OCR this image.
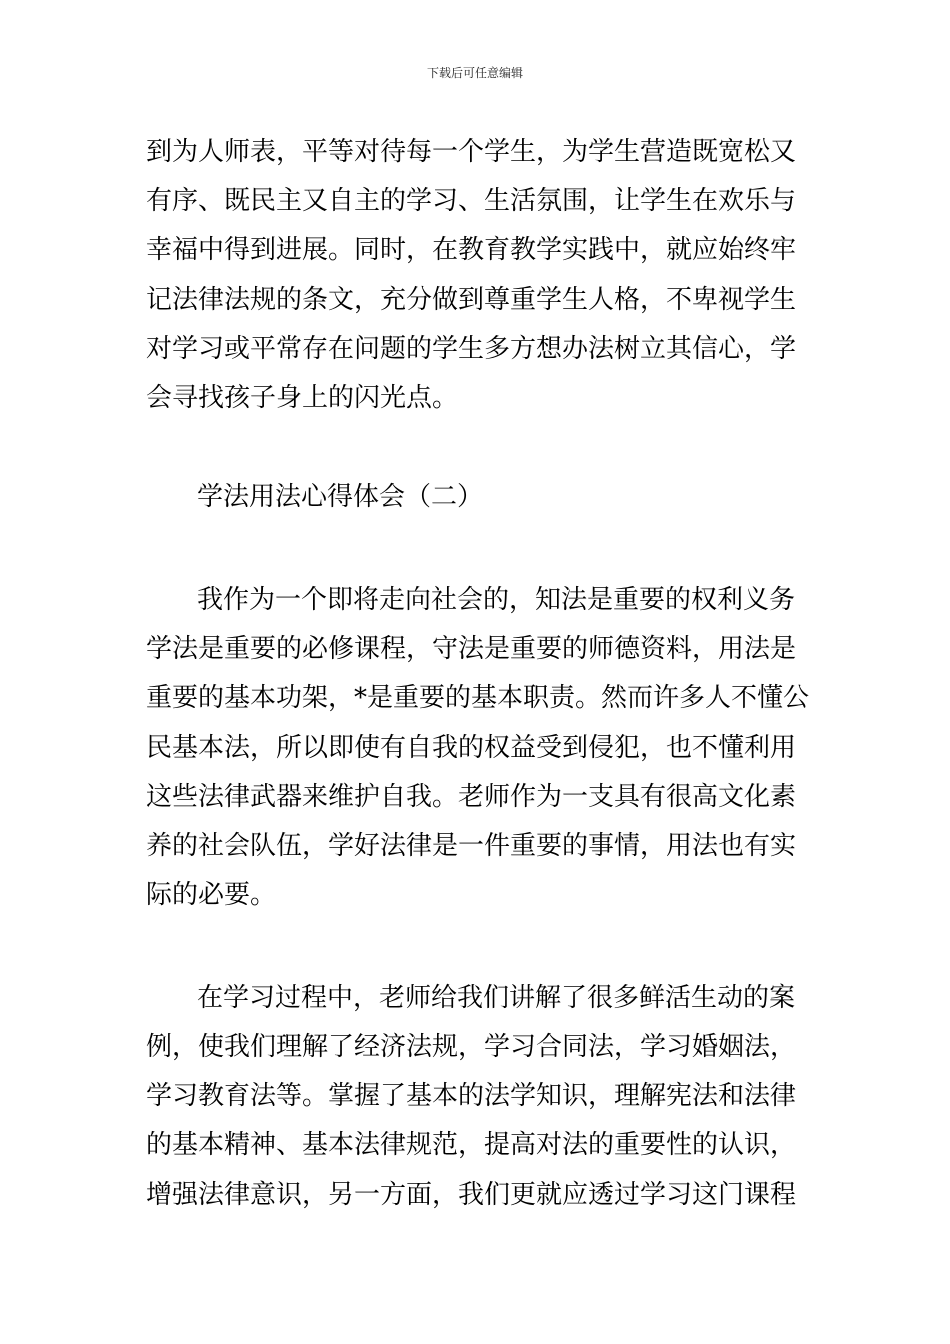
下载后可任意编辑
到为人师表，平等对待每一个学生，为学生营造既宽松又
有序、既民主又自主的学习、生活氛围，让学生在欢乐与
幸福中得到进展。同时，在教育教学实践中，就应始终牢
记法律法规的条文，充分做到尊重学生人格，不卑视学生
对学习或平常存在问题的学生多方想办法树立其信心，学
会寻找孩子身上的闪光点。
学法用法心得体会（二）
我作为一个即将走向社会的，知法是重要的权利义务
学法是重要的必修课程，守法是重要的师德资料，用法是
重要的基本功架，*是重要的基本职责。然而许多人不懂公
民基本法，所以即使有自我的权益受到侵犯，也不懂利用
这些法律武器来维护自我。老师作为一支具有很高文化素
养的社会队伍，学好法律是一件重要的事情，用法也有实
际的必要。
在学习过程中，老师给我们讲解了很多鲜活生动的案
例，使我们理解了经济法规，学习合同法，学习婚姻法，
学习教育法等。掌握了基本的法学知识，理解宪法和法律
的基本精神、基本法律规范，提高对法的重要性的认识，
增强法律意识，另一方面，我们更就应透过学习这门课程
